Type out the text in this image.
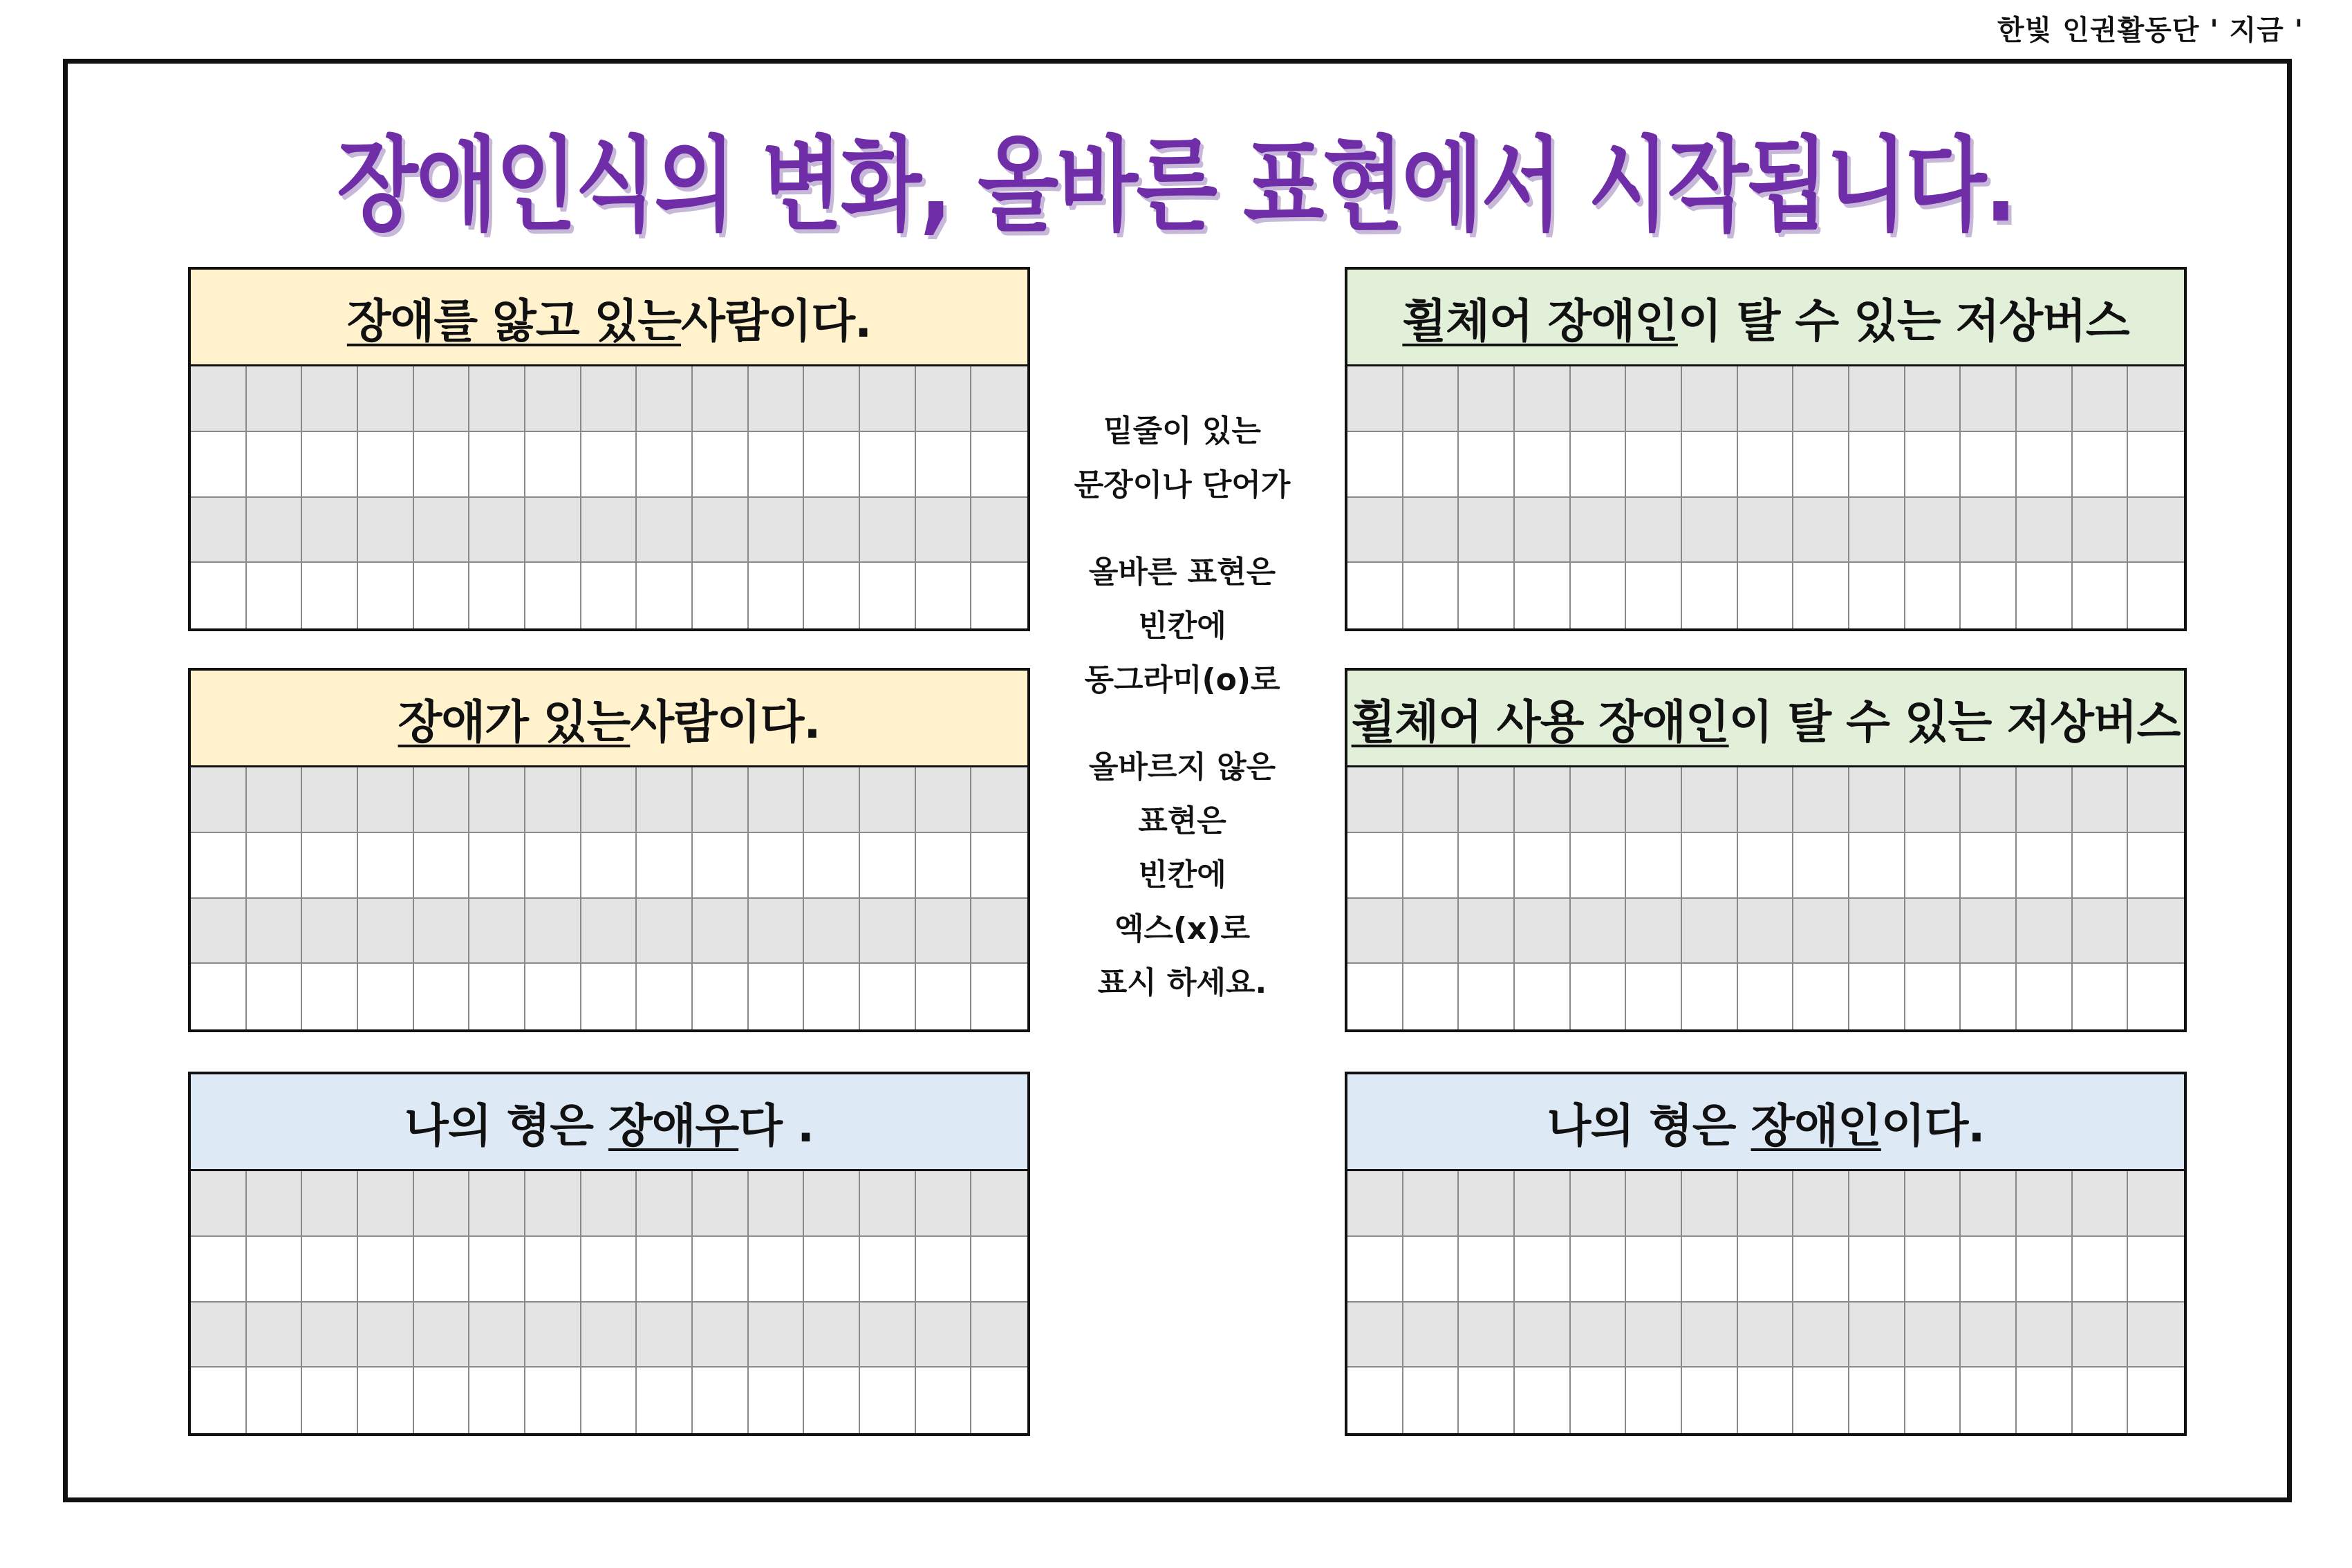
한빛 인권활동단 ' 지금 '
장애인식의 변화, 올바른 표현에서 시작됩니다.
장애를 앓고 있는 사람이다.
장애가 있는 사람이다.
나의 형은 장애우 다 .
밑줄이 있는
문장이나 단어가
올바른 표현은
빈칸에
동그라미(o)로
올바르지 않은
표현은
빈칸에
엑스(x)로
표시 하세요.
휠체어 장애인 이 탈 수 있는 저상버스
휠체어 사용 장애인 이 탈 수 있는 저상버스
나의 형은 장애인 이다.
